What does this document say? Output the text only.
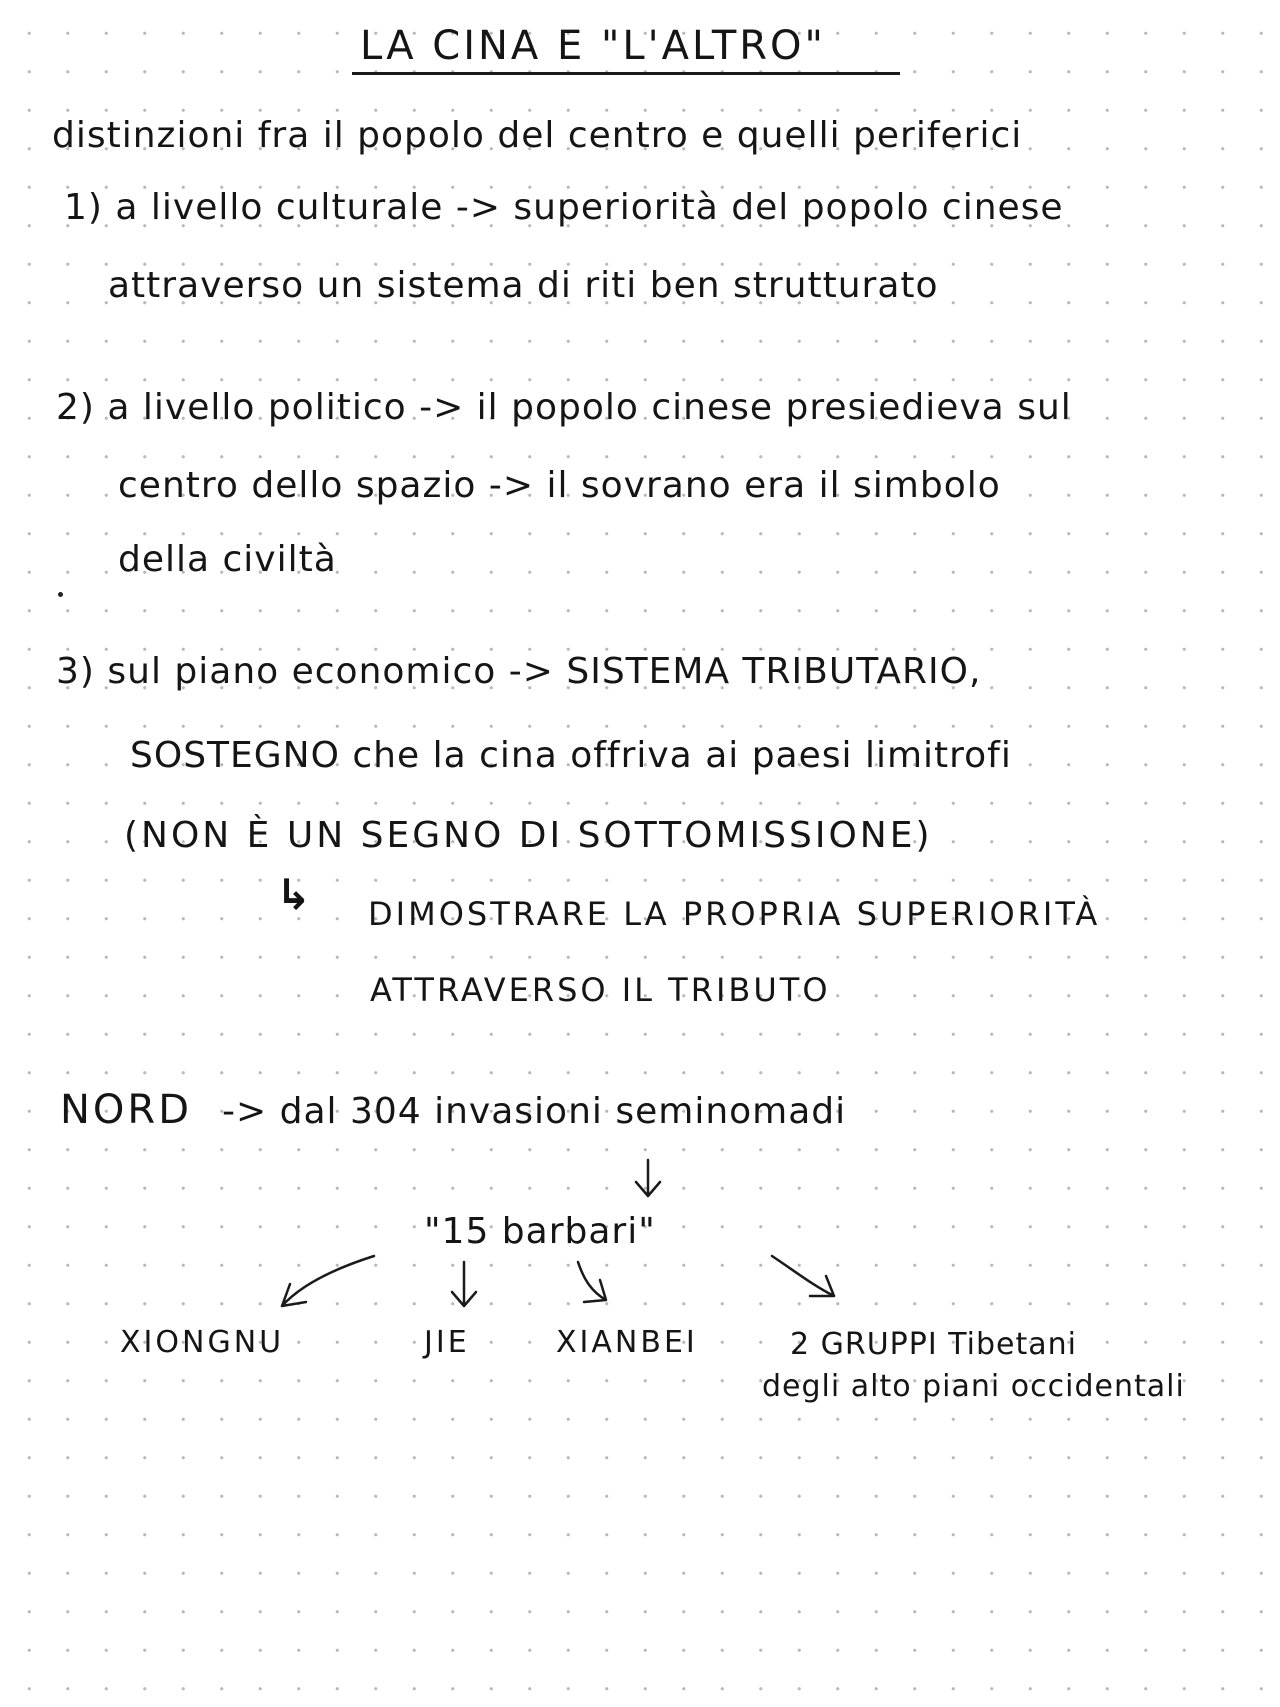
LA CINA E "L'ALTRO"
distinzioni fra il popolo del centro e quelli periferici
1) a livello culturale -> superiorità del popolo cinese
attraverso un sistema di riti ben strutturato
2) a livello politico -> il popolo cinese presiedieva sul
centro dello spazio -> il sovrano era il simbolo
della civiltà
3) sul piano economico -> SISTEMA TRIBUTARIO,
SOSTEGNO che la cina offriva ai paesi limitrofi
(NON È UN SEGNO DI SOTTOMISSIONE)
↳ DIMOSTRARE LA PROPRIA SUPERIORITÀ
ATTRAVERSO IL TRIBUTO
NORD -> dal 304 invasioni seminomadi
"15 barbari"
XIONGNU	JIE	XIANBEI	2 GRUPPI Tibetani
degli alto piani occidentali
